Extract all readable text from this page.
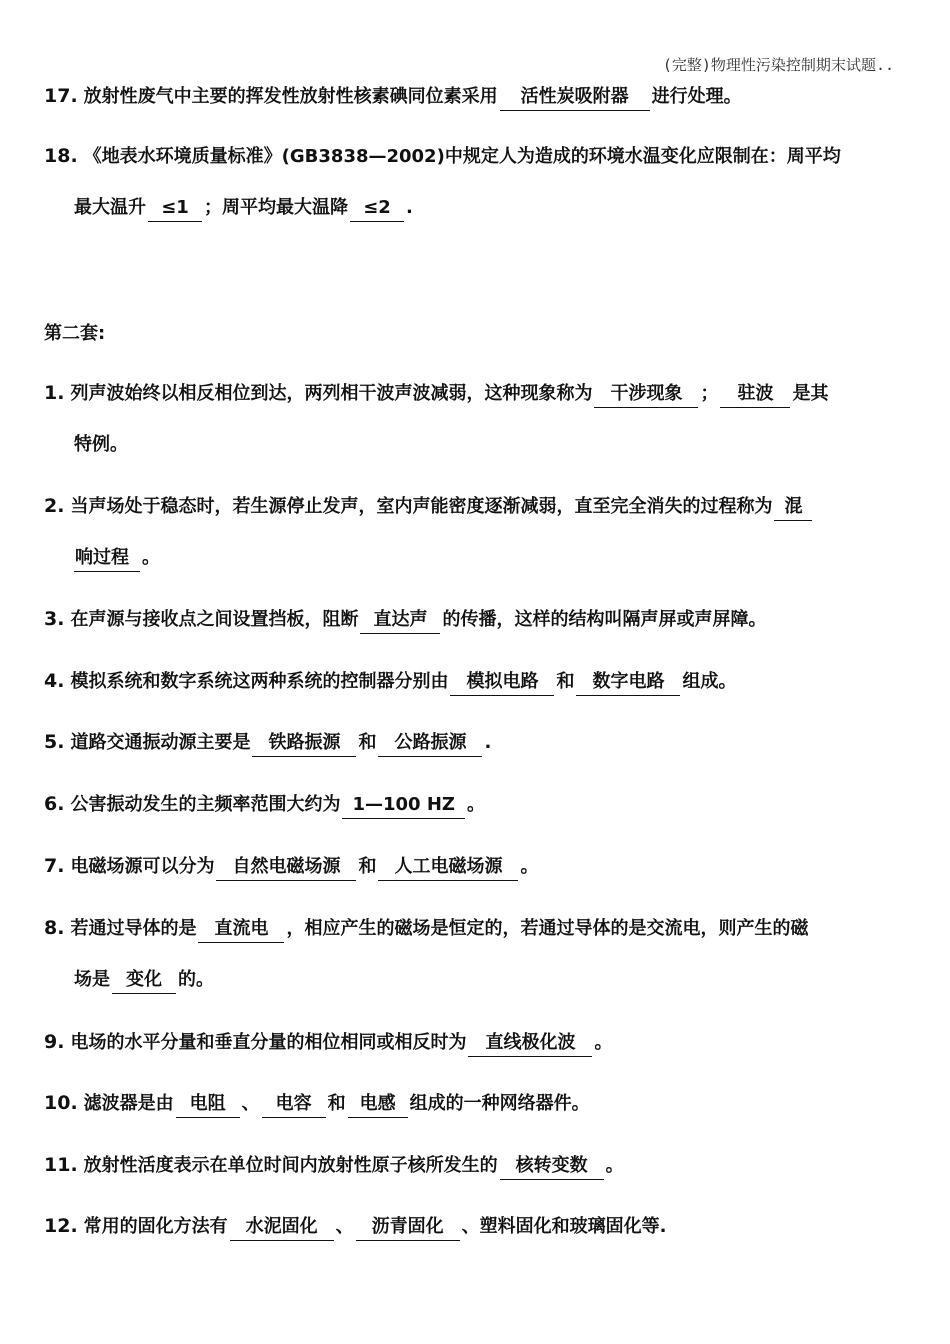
(完整)物理性污染控制期末试题..
17. 放射性废气中主要的挥发性放射性核素碘同位素采用 活性炭吸附器 进行处理。
18. 《地表水环境质量标准》(GB3838—2002)中规定人为造成的环境水温变化应限制在：周平均
最大温升 ≤1 ；周平均最大温降 ≤2 .
第二套:
1. 列声波始终以相反相位到达，两列相干波声波减弱，这种现象称为 干涉现象 ； 驻波 是其
特例。
2. 当声场处于稳态时，若生源停止发声，室内声能密度逐渐减弱，直至完全消失的过程称为 混
响过程 。
3. 在声源与接收点之间设置挡板，阻断 直达声 的传播，这样的结构叫隔声屏或声屏障。
4. 模拟系统和数字系统这两种系统的控制器分别由 模拟电路 和 数字电路 组成。
5. 道路交通振动源主要是 铁路振源 和 公路振源 .
6. 公害振动发生的主频率范围大约为 1—100 HZ 。
7. 电磁场源可以分为 自然电磁场源 和 人工电磁场源 。
8. 若通过导体的是 直流电 ，相应产生的磁场是恒定的，若通过导体的是交流电，则产生的磁
场是 变化 的。
9. 电场的水平分量和垂直分量的相位相同或相反时为 直线极化波 。
10. 滤波器是由 电阻 、 电容 和 电感 组成的一种网络器件。
11. 放射性活度表示在单位时间内放射性原子核所发生的 核转变数 。
12. 常用的固化方法有 水泥固化 、 沥青固化 、塑料固化和玻璃固化等.
